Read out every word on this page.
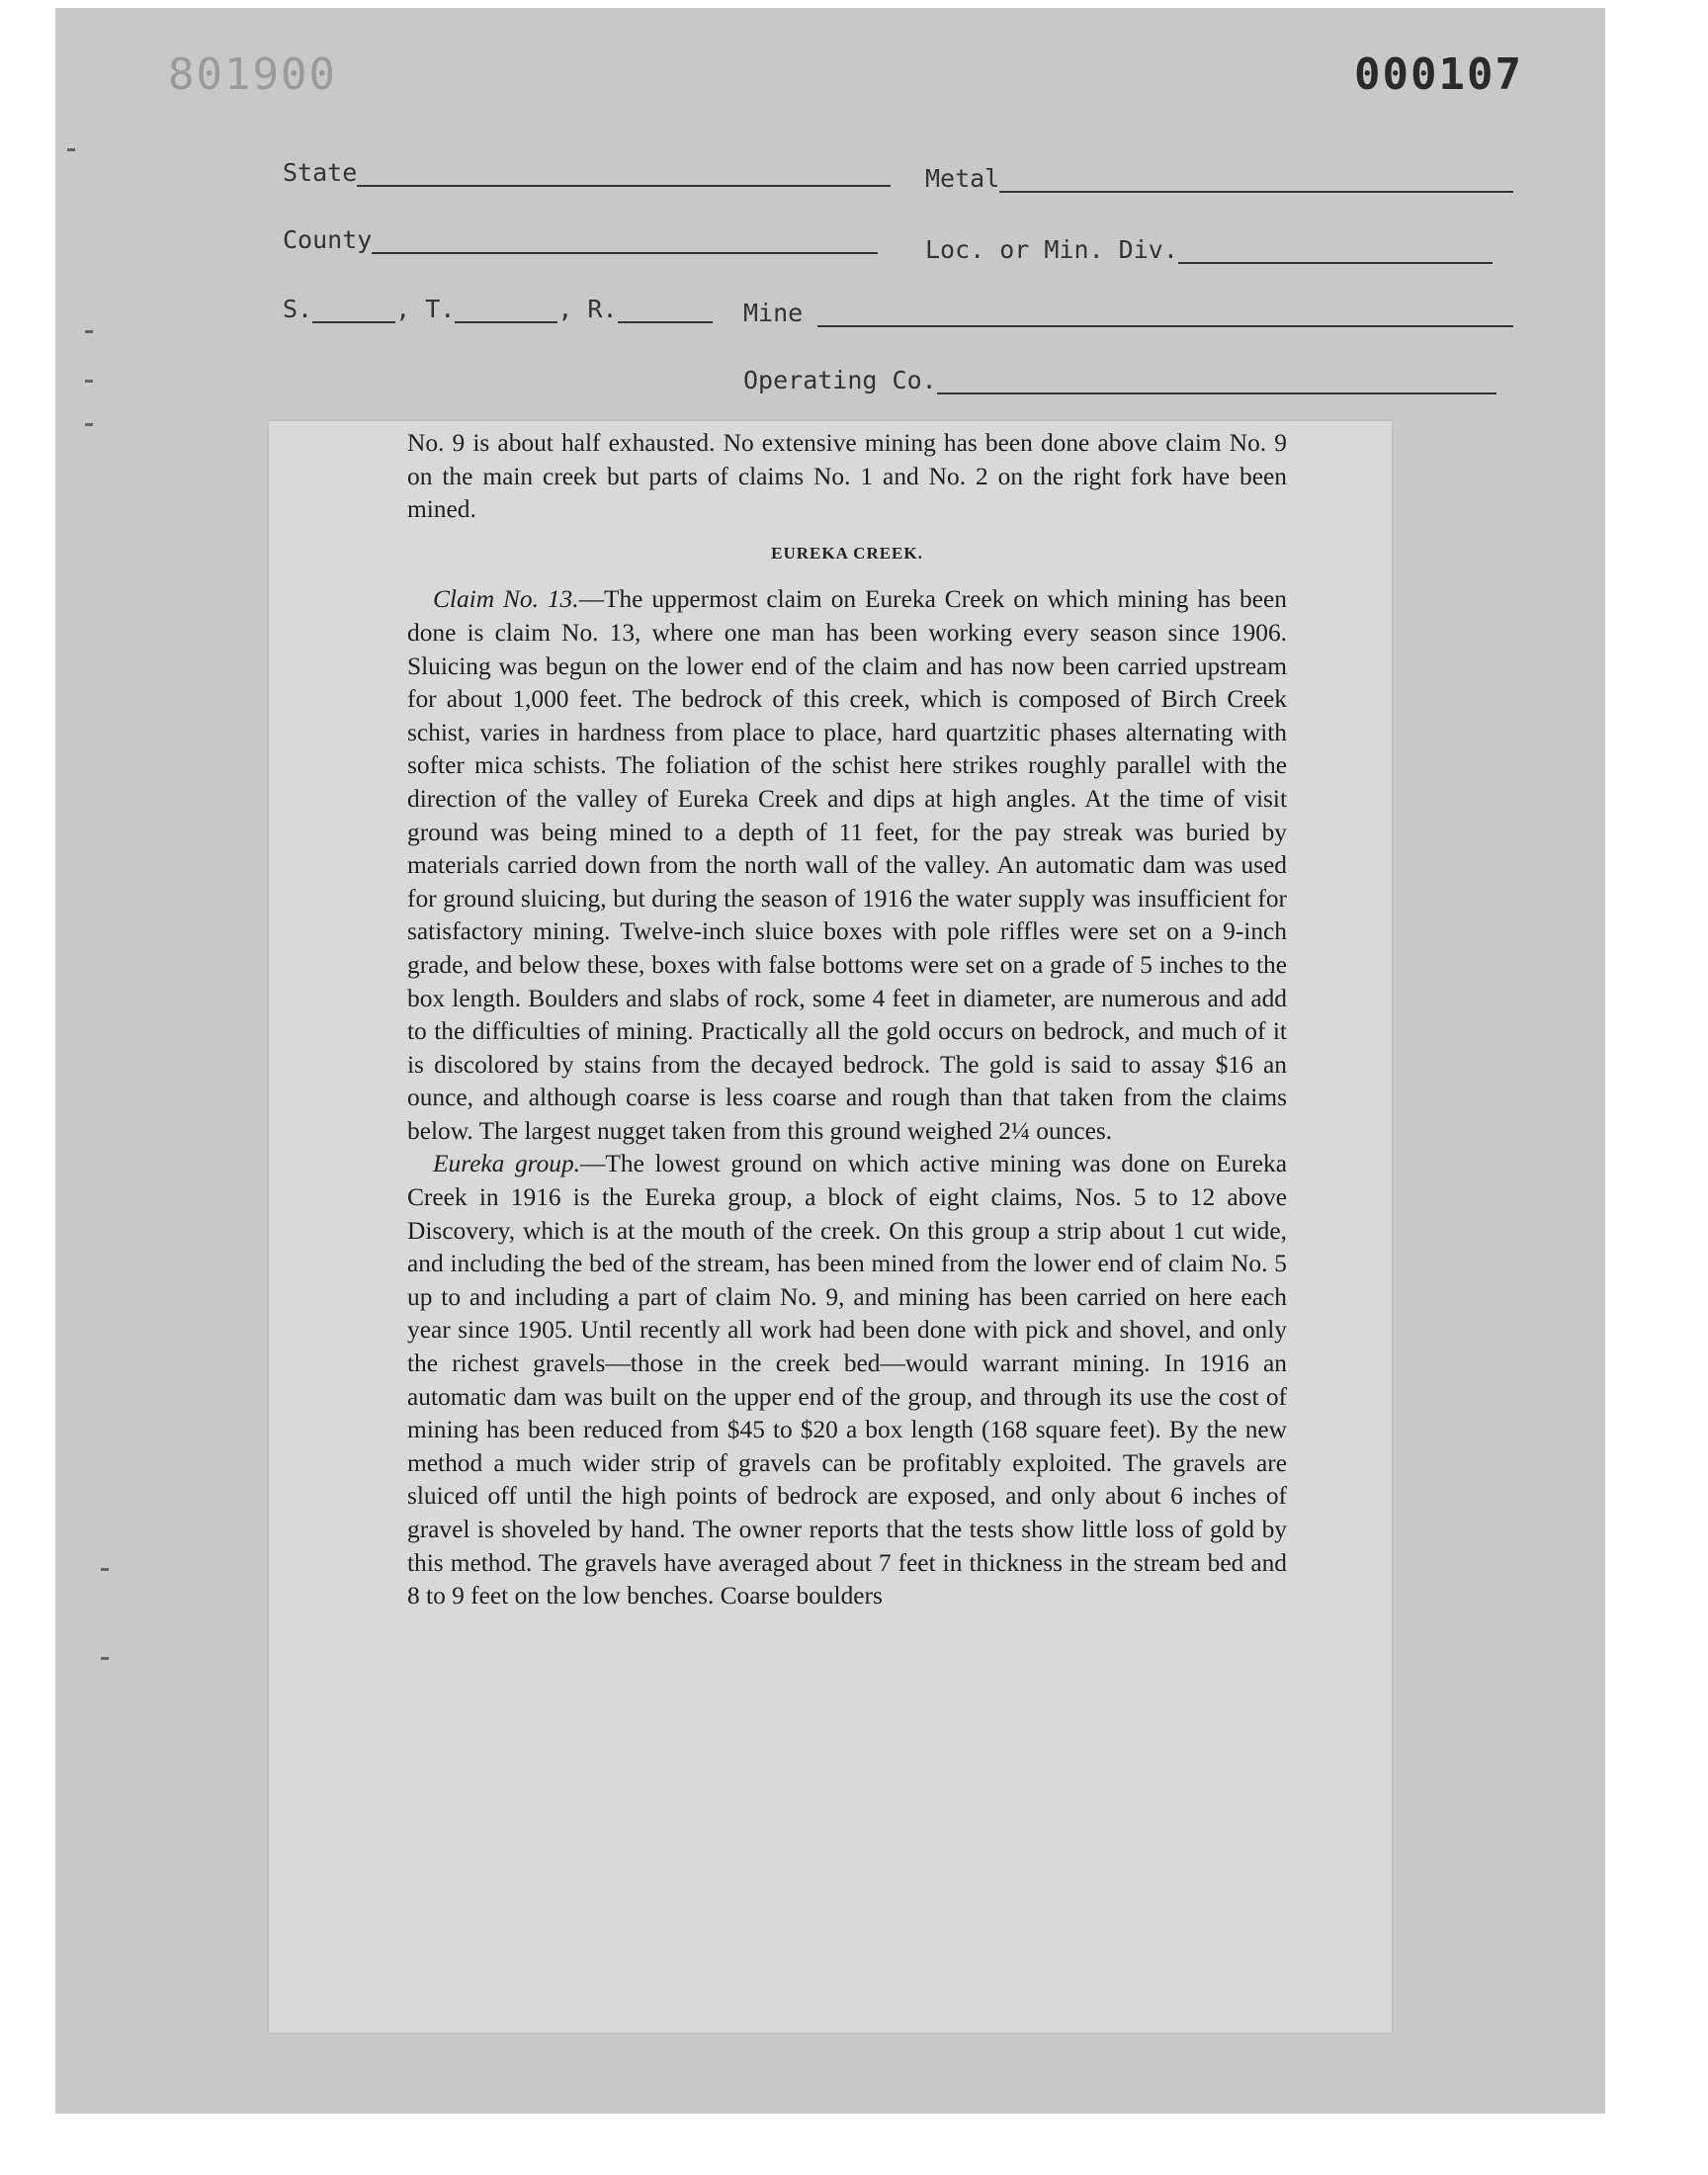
801900	000107
State	Metal
County	Loc. or Min. Div.
S.	, T.	, R.	Mine
Operating Co.

No. 9 is about half exhausted. No extensive mining has been done above claim No. 9 on the main creek but parts of claims No. 1 and No. 2 on the right fork have been mined.

EUREKA CREEK.

Claim No. 13.—The uppermost claim on Eureka Creek on which mining has been done is claim No. 13, where one man has been working every season since 1906. Sluicing was begun on the lower end of the claim and has now been carried upstream for about 1,000 feet. The bedrock of this creek, which is composed of Birch Creek schist, varies in hardness from place to place, hard quartzitic phases alternating with softer mica schists. The foliation of the schist here strikes roughly parallel with the direction of the valley of Eureka Creek and dips at high angles. At the time of visit ground was being mined to a depth of 11 feet, for the pay streak was buried by materials carried down from the north wall of the valley. An automatic dam was used for ground sluicing, but during the season of 1916 the water supply was insufficient for satisfactory mining. Twelve-inch sluice boxes with pole riffles were set on a 9-inch grade, and below these, boxes with false bottoms were set on a grade of 5 inches to the box length. Boulders and slabs of rock, some 4 feet in diameter, are numerous and add to the difficulties of mining. Practically all the gold occurs on bedrock, and much of it is discolored by stains from the decayed bedrock. The gold is said to assay $16 an ounce, and although coarse is less coarse and rough than that taken from the claims below. The largest nugget taken from this ground weighed 2¼ ounces.

Eureka group.—The lowest ground on which active mining was done on Eureka Creek in 1916 is the Eureka group, a block of eight claims, Nos. 5 to 12 above Discovery, which is at the mouth of the creek. On this group a strip about 1 cut wide, and including the bed of the stream, has been mined from the lower end of claim No. 5 up to and including a part of claim No. 9, and mining has been carried on here each year since 1905. Until recently all work had been done with pick and shovel, and only the richest gravels—those in the creek bed—would warrant mining. In 1916 an automatic dam was built on the upper end of the group, and through its use the cost of mining has been reduced from $45 to $20 a box length (168 square feet). By the new method a much wider strip of gravels can be profitably exploited. The gravels are sluiced off until the high points of bedrock are exposed, and only about 6 inches of gravel is shoveled by hand. The owner reports that the tests show little loss of gold by this method. The gravels have averaged about 7 feet in thickness in the stream bed and 8 to 9 feet on the low benches. Coarse boulders
